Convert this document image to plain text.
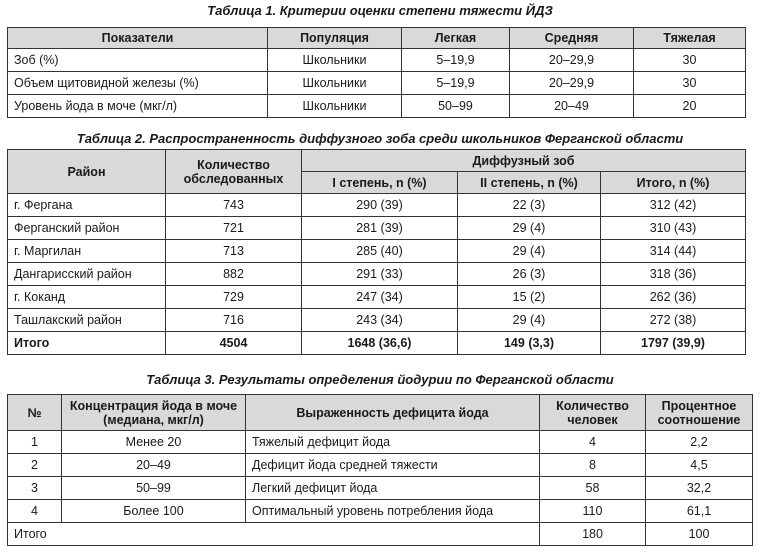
Таблица 1. Критерии оценки степени тяжести ЙДЗ
Показатели	Популяция	Легкая	Средняя	Тяжелая
Зоб (%)	Школьники	5–19,9	20–29,9	30
Объем щитовидной железы (%)	Школьники	5–19,9	20–29,9	30
Уровень йода в моче (мкг/л)	Школьники	50–99	20–49	20
Таблица 2. Распространенность диффузного зоба среди школьников Ферганской области
Район	Количество обследованных	Диффузный зоб		
		I степень, n (%)	II степень, n (%)	Итого, n (%)
г. Фергана	743	290 (39)	22 (3)	312 (42)
Ферганский район	721	281 (39)	29 (4)	310 (43)
г. Маргилан	713	285 (40)	29 (4)	314 (44)
Дангарисский район	882	291 (33)	26 (3)	318 (36)
г. Коканд	729	247 (34)	15 (2)	262 (36)
Ташлакский район	716	243 (34)	29 (4)	272 (38)
Итого	4504	1648 (36,6)	149 (3,3)	1797 (39,9)
Таблица 3. Результаты определения йодурии по Ферганской области
№	Концентрация йода в моче (медиана, мкг/л)	Выраженность дефицита йода	Количество человек	Процентное соотношение
1	Менее 20	Тяжелый дефицит йода	4	2,2
2	20–49	Дефицит йода средней тяжести	8	4,5
3	50–99	Легкий дефицит йода	58	32,2
4	Более 100	Оптимальный уровень потребления йода	110	61,1
Итого			180	100
